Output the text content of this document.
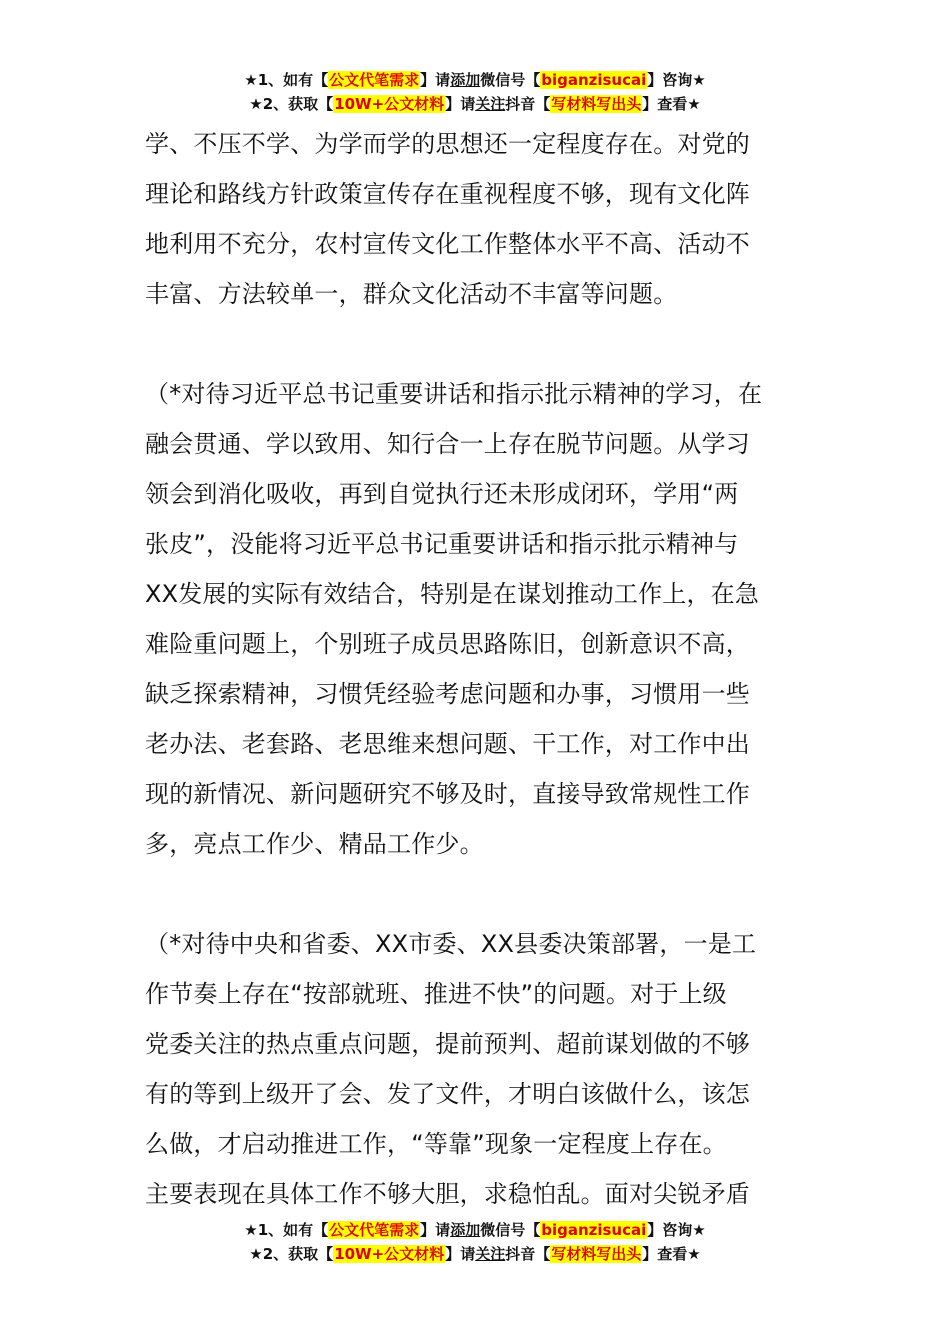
★1、如有【公文代笔需求】请添加微信号【biganzisucai】咨询★
★2、获取【10W+公文材料】请关注抖音【写材料写出头】查看★

学、不压不学、为学而学的思想还一定程度存在。对党的

理论和路线方针政策宣传存在重视程度不够，现有文化阵

地利用不充分，农村宣传文化工作整体水平不高、活动不

丰富、方法较单一，群众文化活动不丰富等问题。

（*对待习近平总书记重要讲话和指示批示精神的学习，在

融会贯通、学以致用、知行合一上存在脱节问题。从学习

领会到消化吸收，再到自觉执行还未形成闭环，学用“两

张皮”，没能将习近平总书记重要讲话和指示批示精神与

XX发展的实际有效结合，特别是在谋划推动工作上，在急

难险重问题上，个别班子成员思路陈旧，创新意识不高，

缺乏探索精神，习惯凭经验考虑问题和办事，习惯用一些

老办法、老套路、老思维来想问题、干工作，对工作中出

现的新情况、新问题研究不够及时，直接导致常规性工作

多，亮点工作少、精品工作少。

（*对待中央和省委、XX市委、XX县委决策部署，一是工

作节奏上存在“按部就班、推进不快”的问题。对于上级

党委关注的热点重点问题，提前预判、超前谋划做的不够

有的等到上级开了会、发了文件，才明白该做什么，该怎

么做，才启动推进工作，“等靠”现象一定程度上存在。

主要表现在具体工作不够大胆，求稳怕乱。面对尖锐矛盾

★1、如有【公文代笔需求】请添加微信号【biganzisucai】咨询★
★2、获取【10W+公文材料】请关注抖音【写材料写出头】查看★
